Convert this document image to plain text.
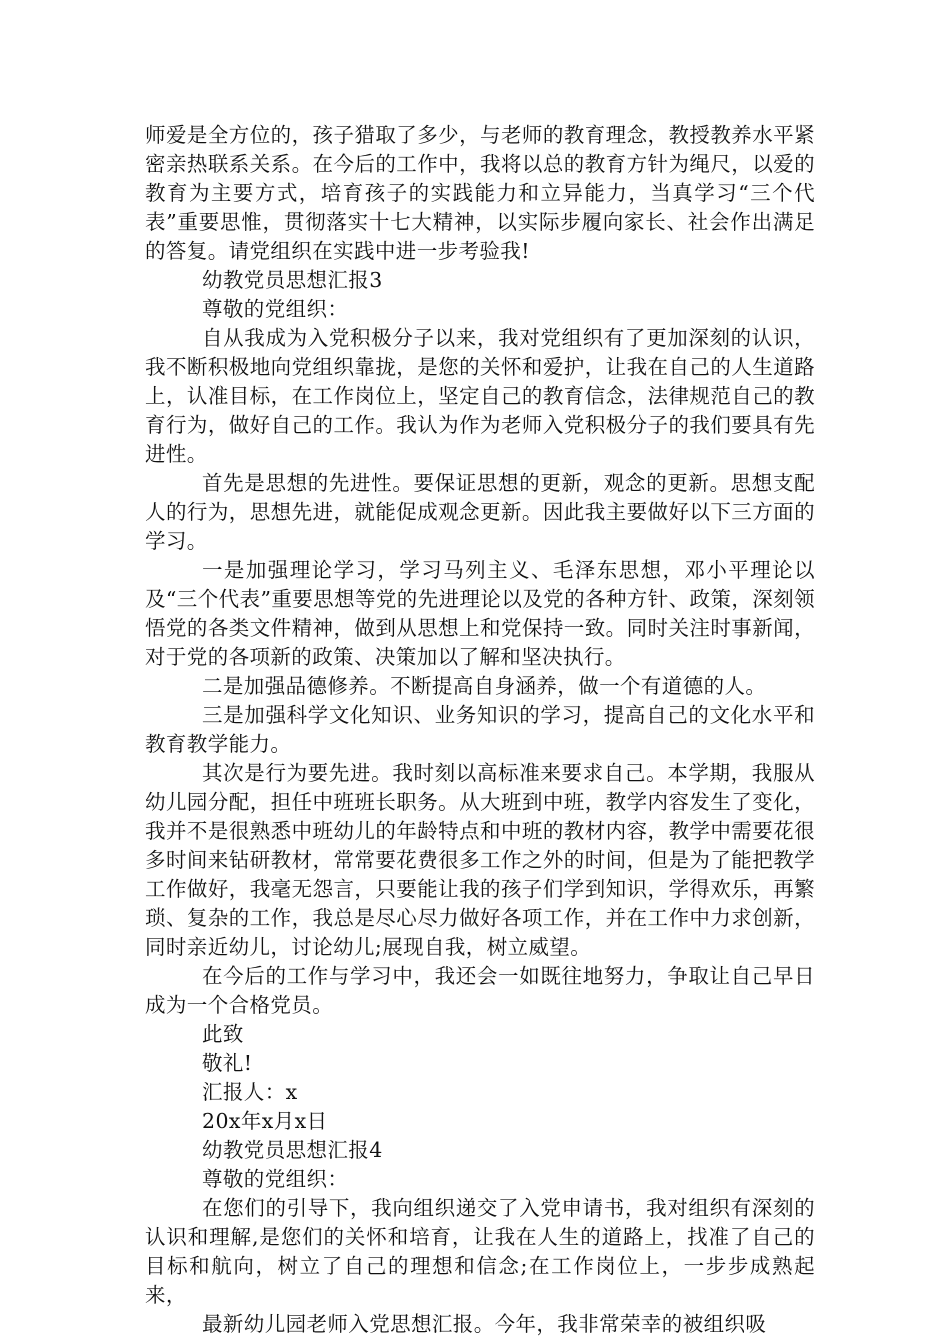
师爱是全方位的，孩子猎取了多少，与老师的教育理念，教授教养水平紧密亲热联系关系。在今后的工作中，我将以总的教育方针为绳尺，以爱的教育为主要方式，培育孩子的实践能力和立异能力，当真学习“三个代表”重要思惟，贯彻落实十七大精神，以实际步履向家长、社会作出满足的答复。请党组织在实践中进一步考验我!

幼教党员思想汇报3

尊敬的党组织：

自从我成为入党积极分子以来，我对党组织有了更加深刻的认识，我不断积极地向党组织靠拢，是您的关怀和爱护，让我在自己的人生道路上，认准目标，在工作岗位上，坚定自己的教育信念，法律规范自己的教育行为，做好自己的工作。我认为作为老师入党积极分子的我们要具有先进性。

首先是思想的先进性。要保证思想的更新，观念的更新。思想支配人的行为，思想先进，就能促成观念更新。因此我主要做好以下三方面的学习。

一是加强理论学习，学习马列主义、毛泽东思想，邓小平理论以及“三个代表”重要思想等党的先进理论以及党的各种方针、政策，深刻领悟党的各类文件精神，做到从思想上和党保持一致。同时关注时事新闻，对于党的各项新的政策、决策加以了解和坚决执行。

二是加强品德修养。不断提高自身涵养，做一个有道德的人。

三是加强科学文化知识、业务知识的学习，提高自己的文化水平和教育教学能力。

其次是行为要先进。我时刻以高标准来要求自己。本学期，我服从幼儿园分配，担任中班班长职务。从大班到中班，教学内容发生了变化，我并不是很熟悉中班幼儿的年龄特点和中班的教材内容，教学中需要花很多时间来钻研教材，常常要花费很多工作之外的时间，但是为了能把教学工作做好，我毫无怨言，只要能让我的孩子们学到知识，学得欢乐，再繁琐、复杂的工作，我总是尽心尽力做好各项工作，并在工作中力求创新，同时亲近幼儿，讨论幼儿;展现自我，树立威望。

在今后的工作与学习中，我还会一如既往地努力，争取让自己早日成为一个合格党员。

此致

敬礼!

汇报人：x

20x年x月x日

幼教党员思想汇报4

尊敬的党组织：

在您们的引导下，我向组织递交了入党申请书，我对组织有深刻的认识和理解,是您们的关怀和培育，让我在人生的道路上，找准了自己的目标和航向，树立了自己的理想和信念;在工作岗位上，一步步成熟起来，

最新幼儿园老师入党思想汇报。今年，我非常荣幸的被组织吸
